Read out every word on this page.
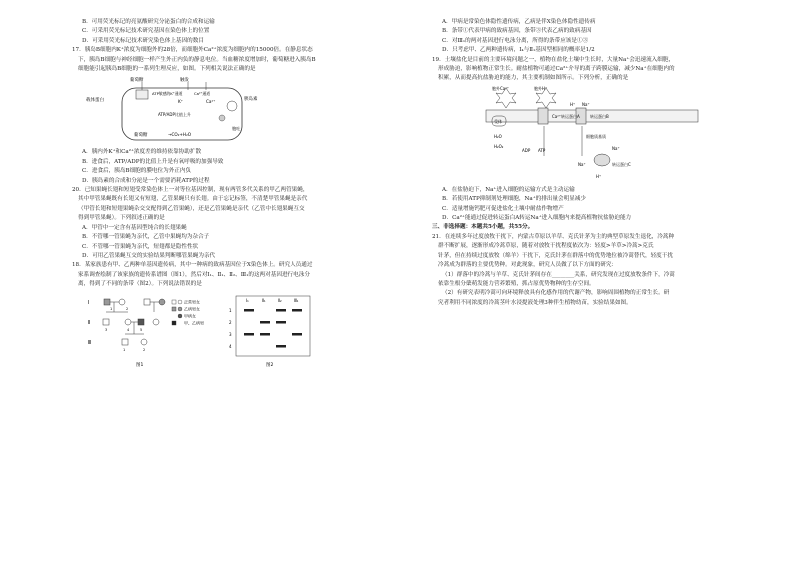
B．可用荧光标记的亮氨酸研究分泌蛋白的合成和运输
C．可采用荧光标记技术研究基因在染色体上的位置
D．可采用荧光标记技术研究染色体上基因的数目
17．胰岛B细胞内K⁺浓度为细胞外的28倍，而细胞外Ca²⁺浓度为细胞内的15000倍。在静息状态
下，胰岛B细胞与神经细胞一样产生外正内负的静息电位。当血糖浓度增加时，葡萄糖进入胰岛B
细胞能引起胰岛B细胞的一系列生理反应，如图。下列相关说法正确的是
葡萄糖
载体蛋白
触发
ATP敏感的K⁺通道	Ca²⁺通道
K⁺	Ca²⁺	胰岛素
ATP/ADP比值上升
葡萄糖	→CO₂+H₂O
胞吐
A．胰内外K⁺和Ca²⁺浓度差的维持依靠协助扩散
B．进食后，ATP/ADP的比值上升是有氧呼吸的加强导致
C．进食后，胰岛B细胞的膜电位为外正内负
D．胰岛素的合成和分泌是一个需要消耗ATP的过程
20．已知果蝇长翅和短翅受常染色体上一对等位基因控制，现有两管多代关系的甲乙两管果蝇，
其中甲管果蝇既有长翅又有短翅，乙管果蝇只有长翅。由于忘记标签，不清楚甲管果蝇是亲代
（甲管长翅和短翅果蝇杂交交配得到乙管果蝇），还是乙管果蝇是亲代（乙管中长翅果蝇互交
得到甲管果蝇）。下列叙述正确的是
A．甲管中一定含有基因型纯合的长翅果蝇
B．不管哪一管果蝇为亲代，乙管中果蝇均为杂合子
C．不管哪一管果蝇为亲代，短翅都是隐性性状
D．可用乙管果蝇互交的实验结果判断哪管果蝇为亲代
18．某家族患有甲、乙两种单基因遗传病，其中一种病的致病基因位于X染色体上。研究人员通过
家系调查绘制了该家族的遗传系谱图（图1），然后对Ⅰ₁、Ⅱ₁、Ⅱ₂、Ⅲ₁的这两对基因进行电泳分
离，得到了不同的条带（图2）。下列说法错误的是
Ⅰ
Ⅱ
Ⅲ
1	2
3	4	5
1	2
正常男女
乙病男女
甲病女
甲、乙病男
图1
Ⅰ₁	Ⅱ₁	Ⅱ₂	Ⅲ₁
1
2
3
4
图2
A．甲病是常染色体隐性遗传病，乙病是伴X染色体隐性遗传病
B．条带①代表甲病的致病基因，条带③代表乙病的致病基因
C．对Ⅲ₁的两对基因进行电泳分离，所得的条带应该是①③
D．只考虑甲、乙两种遗传病，Ⅰ₄与Ⅱ₁基因型相同的概率是1/2
19．土壤盐化是目前的主要环境问题之一，植物在盐化土壤中生长时，大量Na⁺会迅速流入细胞，
形成胁迫，影响植物正常生长。耐盐植物可通过Ca²⁺介导的离子跨膜运输，减少Na⁺在细胞内的
积累，从而提高抗盐胁迫的能力，其主要机制如图所示。下列分析，正确的是
胞外Ca²⁺	胞外H⁺
受体
Ca²⁺转运蛋白A
H⁺
转运蛋白B
Na⁺
H₂O
H₂O₂
ADP ATP
细胞质基质
Na⁺
转运蛋白C
H⁺
Na⁺
A．在盐胁迫下，Na⁺进入细胞的运输方式是主动运输
B．若使用ATP抑制剂处理细胞，Na⁺的排出量会明显减少
C．适量增施钙肥可促进盐化土壤中耐盐作物增产
D．Ca²⁺能通过促进转运蛋白A转运Na⁺进入细胞内来提高植物抗盐胁迫能力
三、非选择题：本题共5小题，共55分。
21．在连续多年过度放牧干扰下，内蒙古草原以羊草、克氏针茅为主的典型草原发生退化，冷蒿种
群不断扩展，逐渐形成冷蒿草原，随着对放牧干扰程度依次为：轻度>羊草>冷蒿>克氏
针茅，但在持续过度放牧（绵羊）干扰下，克氏针茅在群落中的优势地位被冷蒿替代，轻度干扰
冷蒿成为群落的主要优势种。对此现象，研究人员做了以下方面的研究：
（1）群落中的冷蒿与羊草、克氏针茅间存在________关系，研究发现在过度放牧条件下，冷蒿
依靠生根分蘖萌发能力营养繁殖，抓占原优势物种的生存空间。
（2）有研究表明冷蒿可向环境释放具有化感作用的代谢产物，影响周围植物的正常生长。研
究者利用不同浓度的冷蒿茎叶水浸提液处理3种伴生植物幼苗，实验结果如图。
